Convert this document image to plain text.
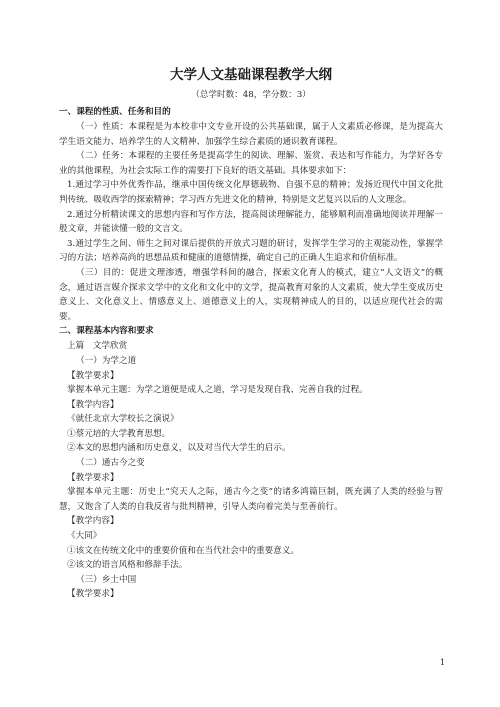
大学人文基础课程教学大纲
（总学时数：48，学分数：3）
一、课程的性质、任务和目的

（一）性质：本课程是为本校非中文专业开设的公共基础课，属于人文素质必修课，是为提高大学生语文能力、培养学生的人文精神、加强学生综合素质的通识教育课程。

（二）任务：本课程的主要任务是提高学生的阅读、理解、鉴赏、表达和写作能力，为学好各专业的其他课程，为社会实际工作的需要打下良好的语文基础。具体要求如下：

1.通过学习中外优秀作品，继承中国传统文化厚德载物、自强不息的精神；发扬近现代中国文化批判传统、吸收西学的探索精神；学习西方先进文化的精神，特别是文艺复兴以后的人文理念。

2.通过分析精读课文的思想内容和写作方法，提高阅读理解能力，能够顺利而准确地阅读并理解一般文章，并能读懂一般的文言文。

3.通过学生之间、师生之间对课后提供的开放式习题的研讨，发挥学生学习的主观能动性，掌握学习的方法；培养高尚的思想品质和健康的道德情操，确定自己的正确人生追求和价值标准。

（三）目的：促进文理渗透，增强学科间的融合，探索文化育人的模式，建立“人文语文”的概念，通过语言媒介探求文学中的文化和文化中的文学，提高教育对象的人文素质，使大学生变成历史意义上、文化意义上、情感意义上、道德意义上的人，实现精神成人的目的，以适应现代社会的需要。

二、课程基本内容和要求

上篇　文学欣赏

（一）为学之道

【教学要求】

掌握本单元主题：为学之道便是成人之道，学习是发现自我、完善自我的过程。

【教学内容】

《就任北京大学校长之演说》

①蔡元培的大学教育思想。

②本文的思想内涵和历史意义，以及对当代大学生的启示。

（二）通古今之变

【教学要求】

掌握本单元主题：历史上“究天人之际，通古今之变”的诸多鸿篇巨制，既充满了人类的经验与智慧，又饱含了人类的自我反省与批判精神，引导人类向着完美与至善前行。

【教学内容】

《大同》

①该文在传统文化中的重要价值和在当代社会中的重要意义。

②该文的语言风格和修辞手法。

（三）乡土中国

【教学要求】

1
